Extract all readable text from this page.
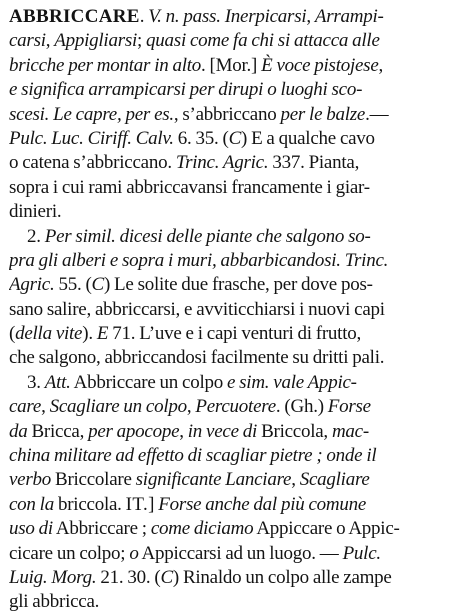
ABBRICCARE. V. n. pass. Inerpicarsi, Arrampi-
carsi, Appigliarsi; quasi come fa chi si attacca alle
bricche per montar in alto. [Mor.] È voce pistojese,
e significa arrampicarsi per dirupi o luoghi sco-
scesi. Le capre, per es., s’abbriccano per le balze.—
Pulc. Luc. Ciriff. Calv. 6. 35. (C) E a qualche cavo
o catena s’abbriccano. Trinc. Agric. 337. Pianta,
sopra i cui rami abbriccavansi francamente i giar-
dinieri.
2. Per simil. dicesi delle piante che salgono so-
pra gli alberi e sopra i muri, abbarbicandosi. Trinc.
Agric. 55. (C) Le solite due frasche, per dove pos-
sano salire, abbriccarsi, e avviticchiarsi i nuovi capi
(della vite). E 71. L’uve e i capi venturi di frutto,
che salgono, abbriccandosi facilmente su dritti pali.
3. Att. Abbriccare un colpo e sim. vale Appic-
care, Scagliare un colpo, Percuotere. (Gh.) Forse
da Bricca, per apocope, in vece di Briccola, mac-
china militare ad effetto di scagliar pietre ; onde il
verbo Briccolare significante Lanciare, Scagliare
con la briccola. IT.] Forse anche dal più comune
uso di Abbriccare ; come diciamo Appiccare o Appic-
cicare un colpo; o Appiccarsi ad un luogo. — Pulc.
Luig. Morg. 21. 30. (C) Rinaldo un colpo alle zampe
gli abbricca.
